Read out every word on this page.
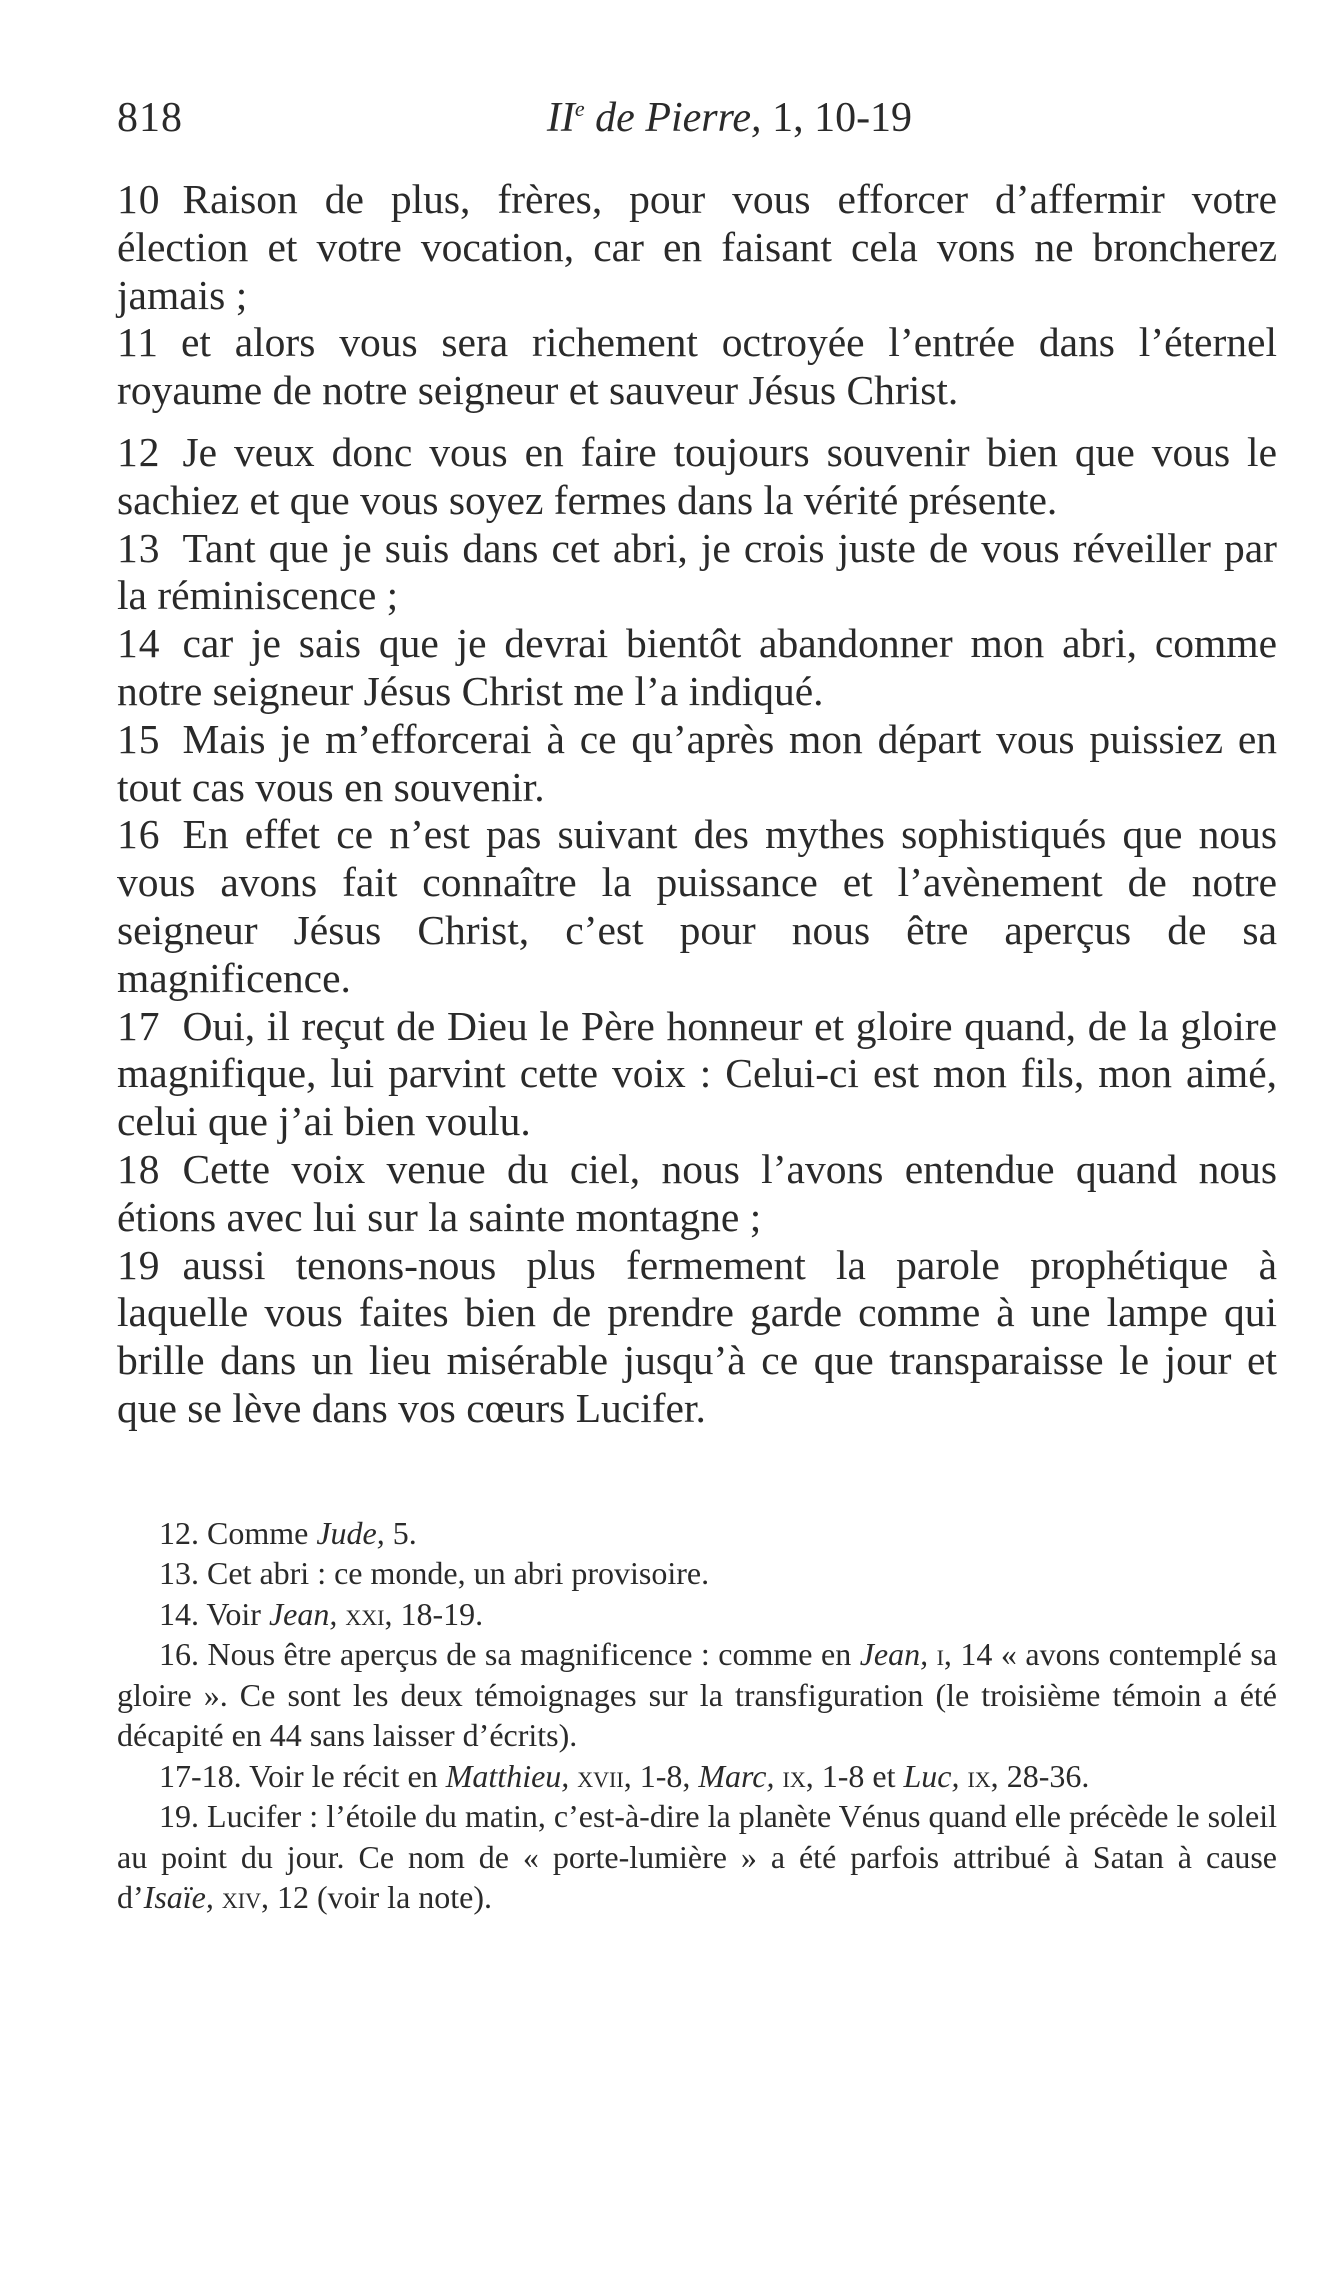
818	IIe de Pierre, 1, 10-19

10 Raison de plus, frères, pour vous efforcer d’affermir votre élection et votre vocation, car en faisant cela vons ne broncherez jamais ;

11 et alors vous sera richement octroyée l’entrée dans l’éternel royaume de notre seigneur et sauveur Jésus Christ.

12 Je veux donc vous en faire toujours souvenir bien que vous le sachiez et que vous soyez fermes dans la vérité présente.

13 Tant que je suis dans cet abri, je crois juste de vous réveiller par la réminiscence ;

14 car je sais que je devrai bientôt abandonner mon abri, comme notre seigneur Jésus Christ me l’a indiqué.

15 Mais je m’efforcerai à ce qu’après mon départ vous puissiez en tout cas vous en souvenir.

16 En effet ce n’est pas suivant des mythes sophistiqués que nous vous avons fait connaître la puissance et l’avènement de notre seigneur Jésus Christ, c’est pour nous être aperçus de sa magnificence.

17 Oui, il reçut de Dieu le Père honneur et gloire quand, de la gloire magnifique, lui parvint cette voix : Celui-ci est mon fils, mon aimé, celui que j’ai bien voulu.

18 Cette voix venue du ciel, nous l’avons entendue quand nous étions avec lui sur la sainte montagne ;

19 aussi tenons-nous plus fermement la parole prophétique à laquelle vous faites bien de prendre garde comme à une lampe qui brille dans un lieu misérable jusqu’à ce que transparaisse le jour et que se lève dans vos cœurs Lucifer.

12. Comme Jude, 5.

13. Cet abri : ce monde, un abri provisoire.

14. Voir Jean, xxi, 18-19.

16. Nous être aperçus de sa magnificence : comme en Jean, i, 14 « avons contemplé sa gloire ». Ce sont les deux témoignages sur la transfiguration (le troisième témoin a été décapité en 44 sans laisser d’écrits).

17-18. Voir le récit en Matthieu, xvii, 1-8, Marc, ix, 1-8 et Luc, ix, 28-36.

19. Lucifer : l’étoile du matin, c’est-à-dire la planète Vénus quand elle précède le soleil au point du jour. Ce nom de « porte-lumière » a été parfois attribué à Satan à cause d’Isaïe, xiv, 12 (voir la note).
